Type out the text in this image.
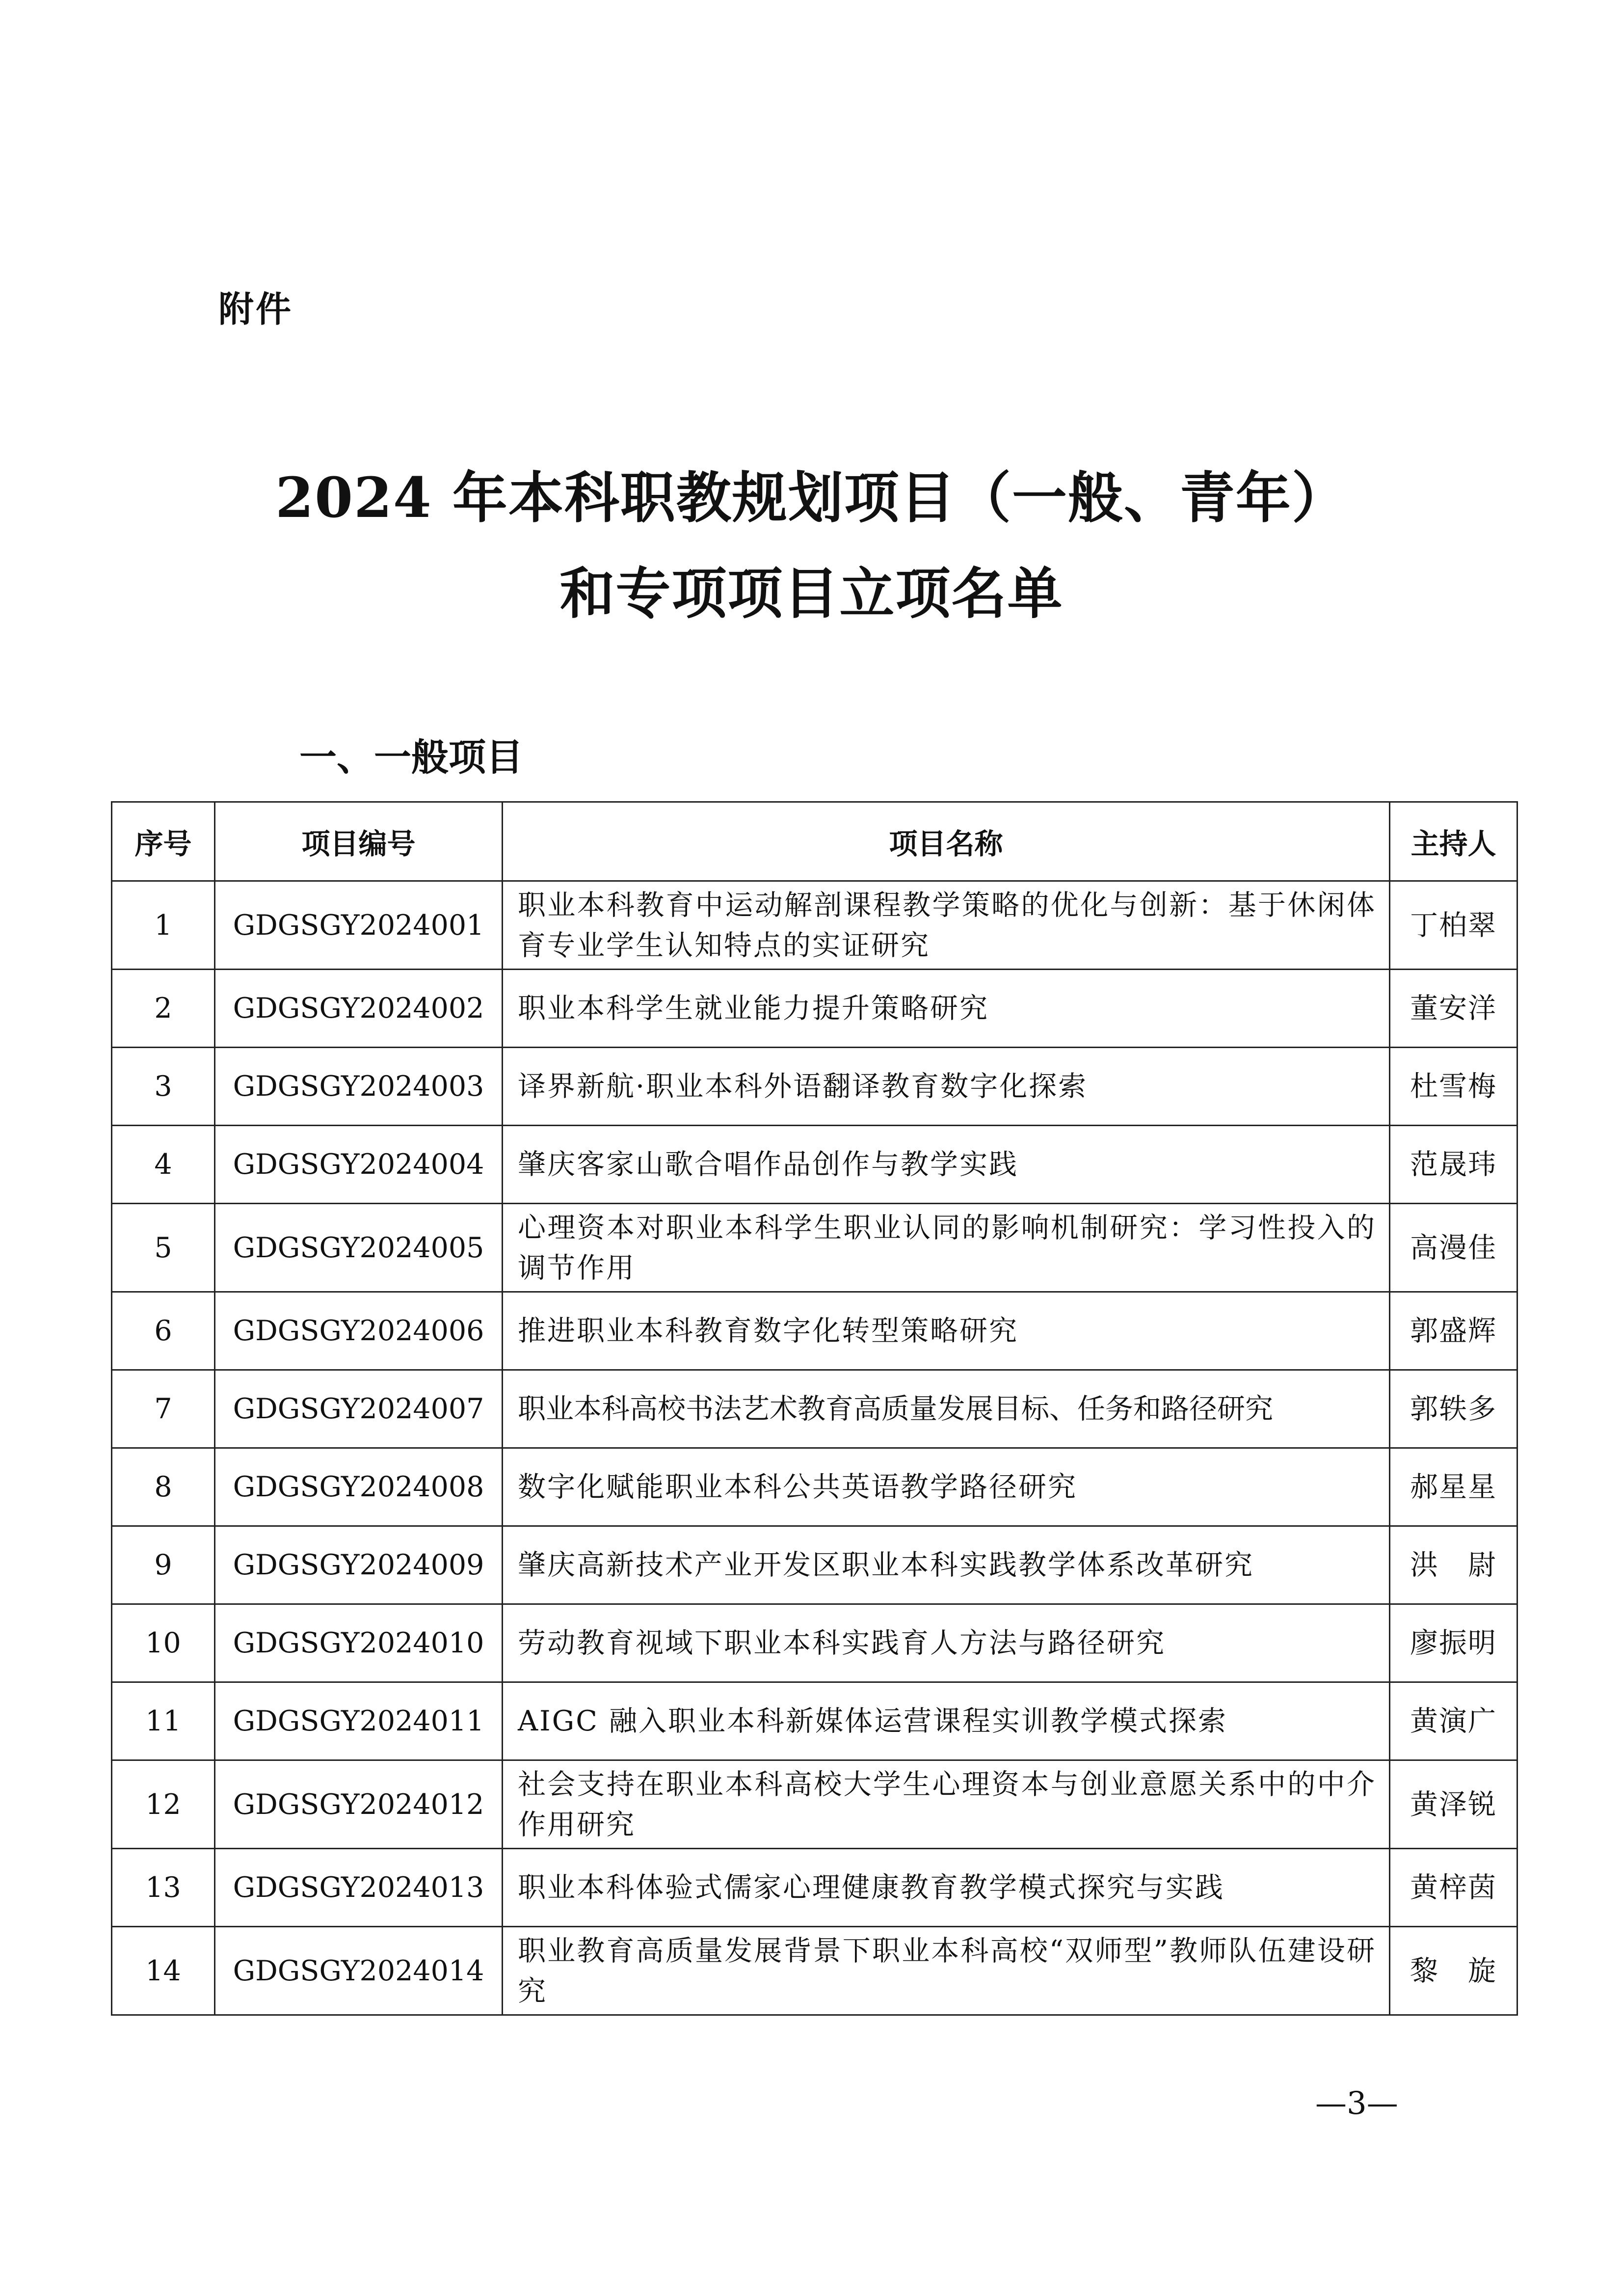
附件
2024 年本科职教规划项目（一般、青年）
和专项项目立项名单
一、一般项目
序号	项目编号	项目名称	主持人
1	GDGSGY2024001	职业本科教育中运动解剖课程教学策略的优化与创新：基于休闲体育专业学生认知特点的实证研究	丁柏翠
2	GDGSGY2024002	职业本科学生就业能力提升策略研究	董安洋
3	GDGSGY2024003	译界新航·职业本科外语翻译教育数字化探索	杜雪梅
4	GDGSGY2024004	肇庆客家山歌合唱作品创作与教学实践	范晟玮
5	GDGSGY2024005	心理资本对职业本科学生职业认同的影响机制研究：学习性投入的调节作用	高漫佳
6	GDGSGY2024006	推进职业本科教育数字化转型策略研究	郭盛辉
7	GDGSGY2024007	职业本科高校书法艺术教育高质量发展目标、任务和路径研究	郭轶多
8	GDGSGY2024008	数字化赋能职业本科公共英语教学路径研究	郝星星
9	GDGSGY2024009	肇庆高新技术产业开发区职业本科实践教学体系改革研究	洪　尉
10	GDGSGY2024010	劳动教育视域下职业本科实践育人方法与路径研究	廖振明
11	GDGSGY2024011	AIGC 融入职业本科新媒体运营课程实训教学模式探索	黄演广
12	GDGSGY2024012	社会支持在职业本科高校大学生心理资本与创业意愿关系中的中介作用研究	黄泽锐
13	GDGSGY2024013	职业本科体验式儒家心理健康教育教学模式探究与实践	黄梓茵
14	GDGSGY2024014	职业教育高质量发展背景下职业本科高校“双师型”教师队伍建设研究	黎　旋
—3—
